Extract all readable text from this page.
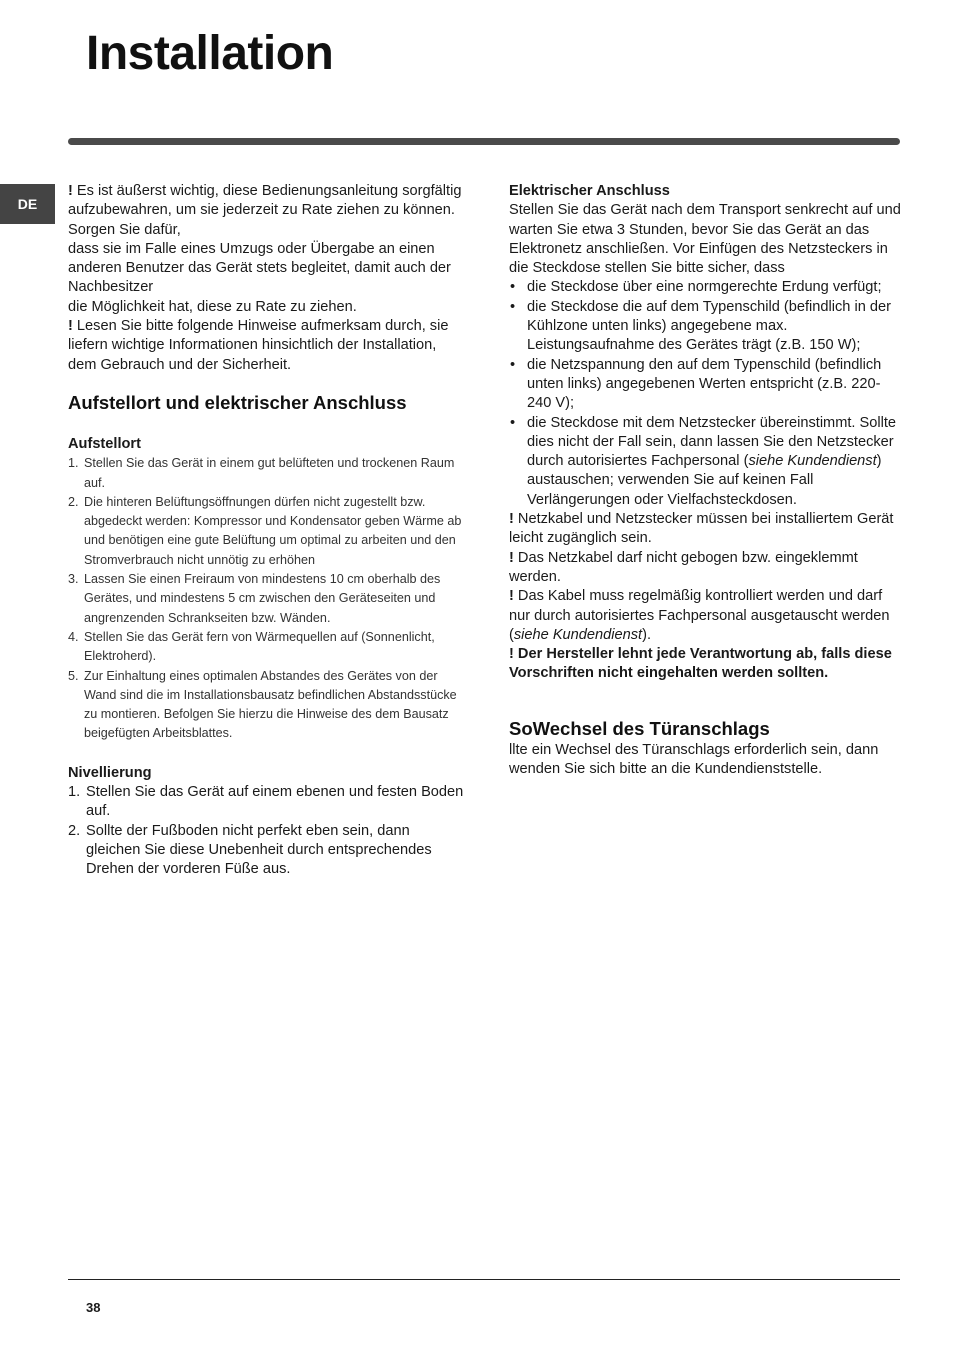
Installation
DE

! Es ist äußerst wichtig, diese Bedienungsanleitung sorgfältig aufzubewahren, um sie jederzeit zu Rate ziehen zu können. Sorgen Sie dafür,

dass sie im Falle eines Umzugs oder Übergabe an einen anderen Benutzer das Gerät stets begleitet, damit auch der Nachbesitzer

die Möglichkeit hat, diese zu Rate zu ziehen.

! Lesen Sie bitte folgende Hinweise aufmerksam durch, sie liefern wichtige Informationen hinsichtlich der Installation, dem Gebrauch und der Sicherheit.

Aufstellort und elektrischer Anschluss
Aufstellort
1. Stellen Sie das Gerät in einem gut belüfteten und trockenen Raum auf.
2. Die hinteren Belüftungsöffnungen dürfen nicht zugestellt bzw. abgedeckt werden: Kompressor und Kondensator geben Wärme ab und benötigen eine gute Belüftung um optimal zu arbeiten und den Stromverbrauch nicht unnötig zu erhöhen
3. Lassen Sie einen Freiraum von mindestens 10 cm oberhalb des Gerätes, und mindestens 5 cm zwischen den Geräteseiten und angrenzenden Schrankseiten bzw. Wänden.
4. Stellen Sie das Gerät fern von Wärmequellen auf (Sonnenlicht, Elektroherd).
5. Zur Einhaltung eines optimalen Abstandes des Gerätes von der Wand sind die im Installationsbausatz befindlichen Abstandsstücke zu montieren. Befolgen Sie hierzu die Hinweise des dem Bausatz beigefügten Arbeitsblattes.
Nivellierung
1. Stellen Sie das Gerät auf einem ebenen und festen Boden auf.
2. Sollte der Fußboden nicht perfekt eben sein, dann gleichen Sie diese Unebenheit durch entsprechendes Drehen der vorderen Füße aus.
Elektrischer Anschluss

Stellen Sie das Gerät nach dem Transport senkrecht auf und warten Sie etwa 3 Stunden, bevor Sie das Gerät an das Elektronetz anschließen. Vor Einfügen des Netzsteckers in die Steckdose stellen Sie bitte sicher, dass

• die Steckdose über eine normgerechte Erdung verfügt;
• die Steckdose die auf dem Typenschild (befindlich in der Kühlzone unten links) angegebene max. Leistungsaufnahme des Gerätes trägt (z.B. 150 W);
• die Netzspannung den auf dem Typenschild (befindlich unten links) angegebenen Werten entspricht (z.B. 220-240 V);
• die Steckdose mit dem Netzstecker übereinstimmt. Sollte dies nicht der Fall sein, dann lassen Sie den Netzstecker durch autorisiertes Fachpersonal (siehe Kundendienst) austauschen; verwenden Sie auf keinen Fall Verlängerungen oder Vielfachsteckdosen.

! Netzkabel und Netzstecker müssen bei installiertem Gerät leicht zugänglich sein.

! Das Netzkabel darf nicht gebogen bzw. eingeklemmt werden.

! Das Kabel muss regelmäßig kontrolliert werden und darf nur durch autorisiertes Fachpersonal ausgetauscht werden (siehe Kundendienst).

! Der Hersteller lehnt jede Verantwortung ab, falls diese Vorschriften nicht eingehalten werden sollten.

SoWechsel des Türanschlags

llte ein Wechsel des Türanschlags erforderlich sein, dann wenden Sie sich bitte an die Kundendienststelle.

38
